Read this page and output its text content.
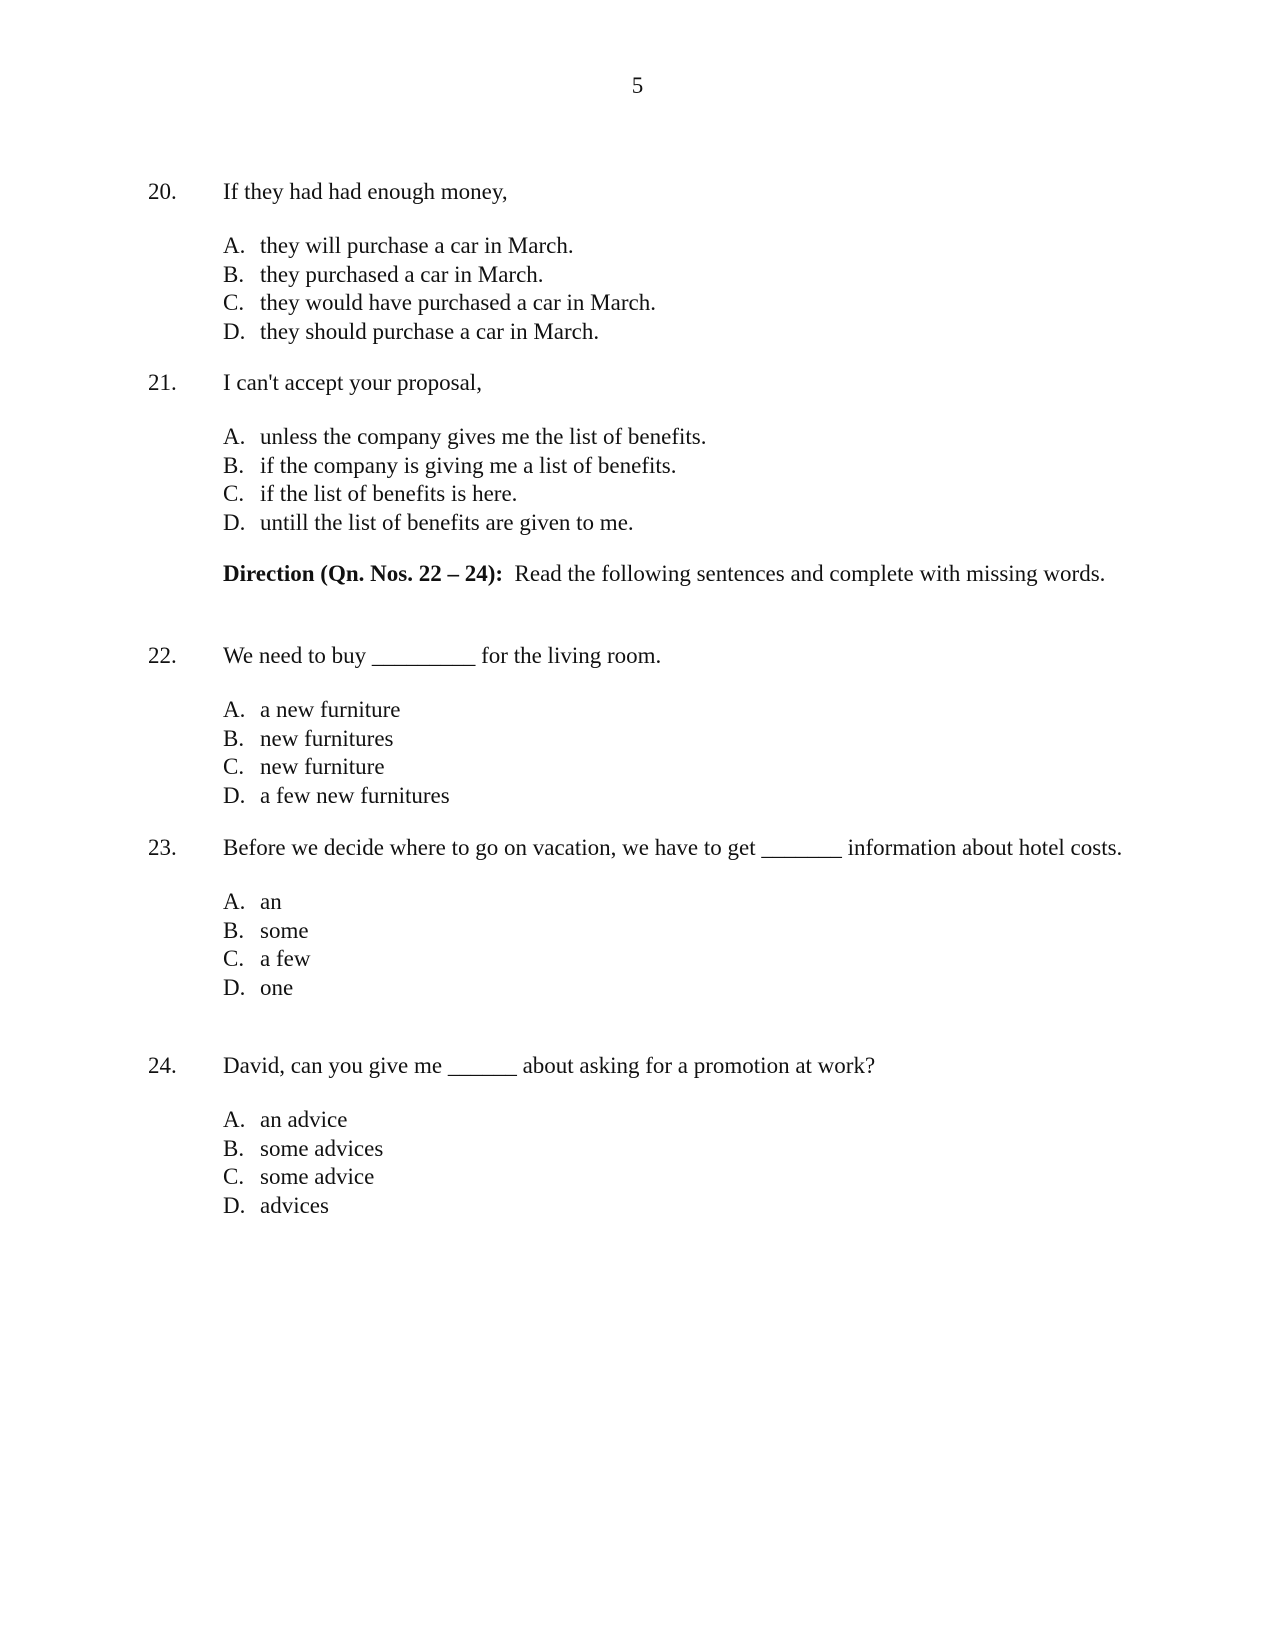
5
20.	If they had had enough money,
A. they will purchase a car in March.
B. they purchased a car in March.
C. they would have purchased a car in March.
D. they should purchase a car in March.
21.	I can't accept your proposal,
A. unless the company gives me the list of benefits.
B. if the company is giving me a list of benefits.
C. if the list of benefits is here.
D. untill the list of benefits are given to me.
Direction (Qn. Nos. 22 – 24): Read the following sentences and complete with missing words.
22.	We need to buy _________ for the living room.
A. a new furniture
B. new furnitures
C. new furniture
D. a few new furnitures
23.	Before we decide where to go on vacation, we have to get _______ information about hotel costs.
A. an
B. some
C. a few
D. one
24.	David, can you give me ______ about asking for a promotion at work?
A. an advice
B. some advices
C. some advice
D. advices
